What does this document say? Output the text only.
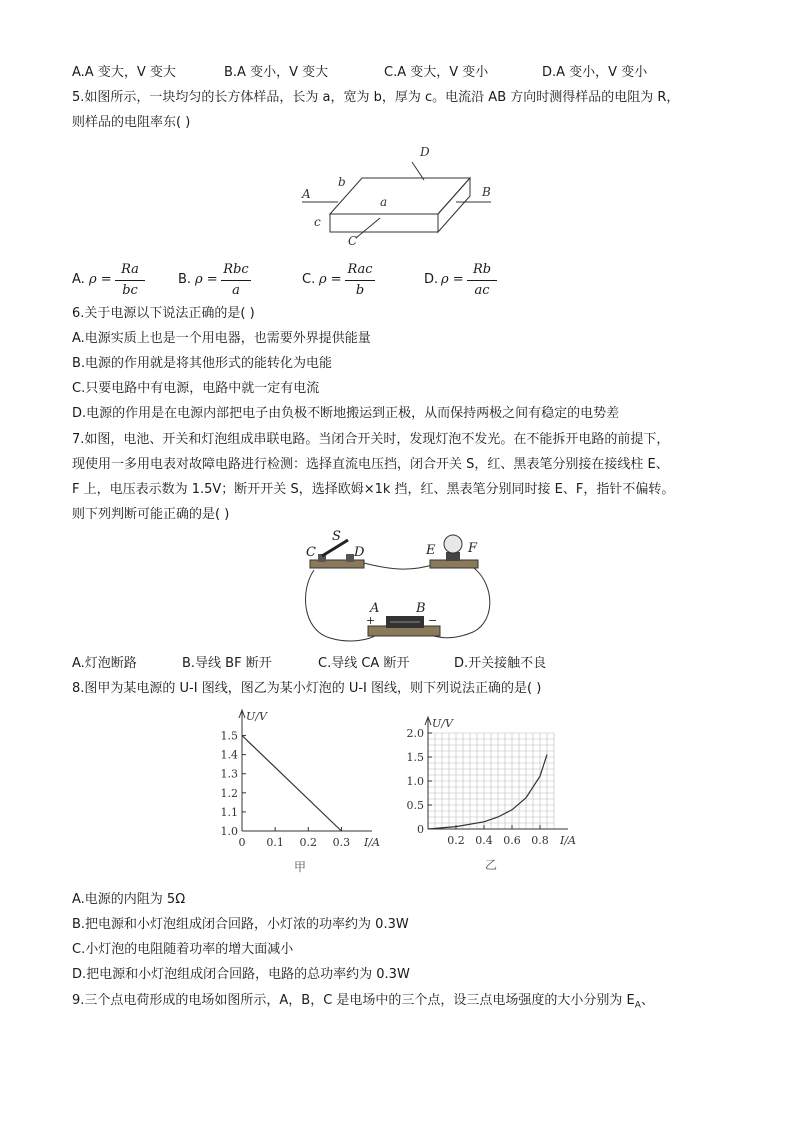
A.A 变大，V 变大	B.A 变小，V 变大	C.A 变大，V 变小	D.A 变小，V 变小
5.如图所示，一块均匀的长方体样品，长为 a，宽为 b，厚为 c。电流沿 AB 方向时测得样品的电阻为 R，
则样品的电阻率东( )
A	B
C
D
a
b
c
A. ρ =
Ra
bc
B. ρ =
Rbc
a
C. ρ =
Rac
b
D. ρ =
Rb
ac
6.关于电源以下说法正确的是( )
A.电源实质上也是一个用电器，也需要外界提供能量
B.电源的作用就是将其他形式的能转化为电能
C.只要电路中有电源，电路中就一定有电流
D.电源的作用是在电源内部把电子由负极不断地搬运到正极，从而保持两极之间有稳定的电势差
7.如图，电池、开关和灯泡组成串联电路。当闭合开关时，发现灯泡不发光。在不能拆开电路的前提下，
现使用一多用电表对故障电路进行检测：选择直流电压挡，闭合开关 S，红、黑表笔分别接在接线柱 E、
F 上，电压表示数为 1.5V；断开开关 S，选择欧姆×1k 挡，红、黑表笔分别同时接 E、F，指针不偏转。
则下列判断可能正确的是( )
S
C	D	E	F
A	B
+	−
A.灯泡断路	B.导线 BF 断开	C.导线 CA 断开	D.开关接触不良
8.图甲为某电源的 U-I 图线，图乙为某小灯泡的 U-I 图线，则下列说法正确的是( )
1.0
1.1
1.2
1.3
1.4
1.5
0 0.1 0.2 0.3
U/V
I/A
甲
0
0.5
1.0
1.5
2.0
0.2 0.4 0.6 0.8
U/V
I/A
乙
A.电源的内阻为 5Ω
B.把电源和小灯泡组成闭合回路，小灯浓的功率约为 0.3W
C.小灯泡的电阻随着功率的增大面减小
D.把电源和小灯泡组成闭合回路，电路的总功率约为 0.3W
9.三个点电荷形成的电场如图所示，A，B，C 是电场中的三个点，设三点电场强度的大小分别为 $E_A$、
